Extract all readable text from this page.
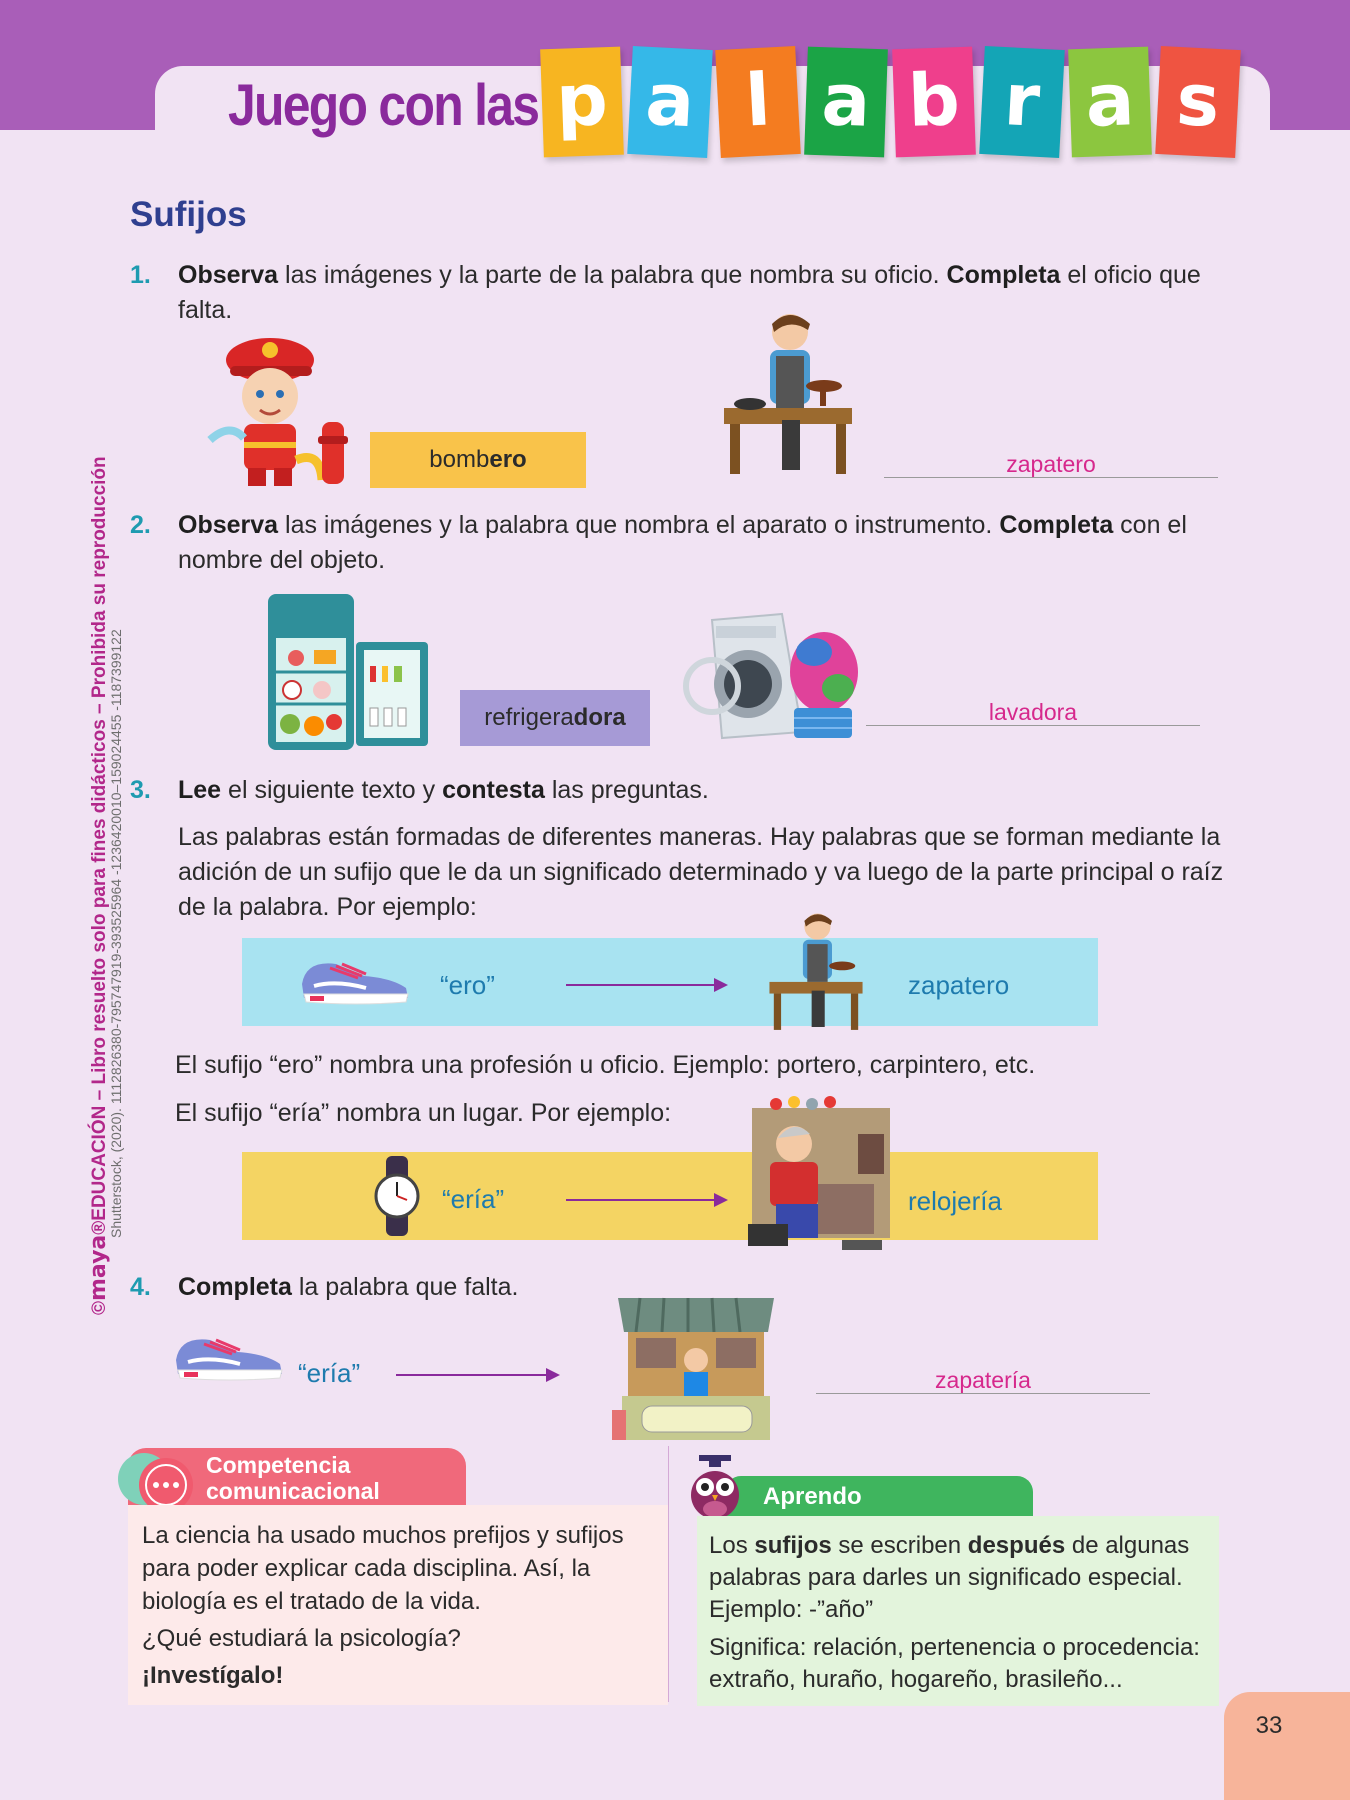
Juego con las p a l a b r a s
©maya®EDUCACIÓN – Libro resuelto solo para fines didácticos – Prohibida su reproducción
Shutterstock, (2020). 1112826380-795747919-393525964 -1236420010–159024455 -1187399122
Sufijos
1. Observa las imágenes y la parte de la palabra que nombra su oficio. Completa el oficio que falta.
bombero	zapatero
2. Observa las imágenes y la palabra que nombra el aparato o instrumento. Completa con el nombre del objeto.
refrigeradora	lavadora
3. Lee el siguiente texto y contesta las preguntas.
Las palabras están formadas de diferentes maneras. Hay palabras que se forman mediante la adición de un sufijo que le da un significado determinado y va luego de la parte principal o raíz de la palabra. Por ejemplo:
“ero”	zapatero
El sufijo “ero” nombra una profesión u oficio. Ejemplo: portero, carpintero, etc.
El sufijo “ería” nombra un lugar. Por ejemplo:
“ería”	relojería
4. Completa la palabra que falta.
“ería”	zapatería
Competencia
comunicacional
La ciencia ha usado muchos prefijos y sufijos para poder explicar cada disciplina. Así, la biología es el tratado de la vida.
¿Qué estudiará la psicología?
¡Investígalo!
Aprendo
Los sufijos se escriben después de algunas palabras para darles un significado especial. Ejemplo: -”año”
Significa: relación, pertenencia o procedencia: extraño, huraño, hogareño, brasileño...
33
